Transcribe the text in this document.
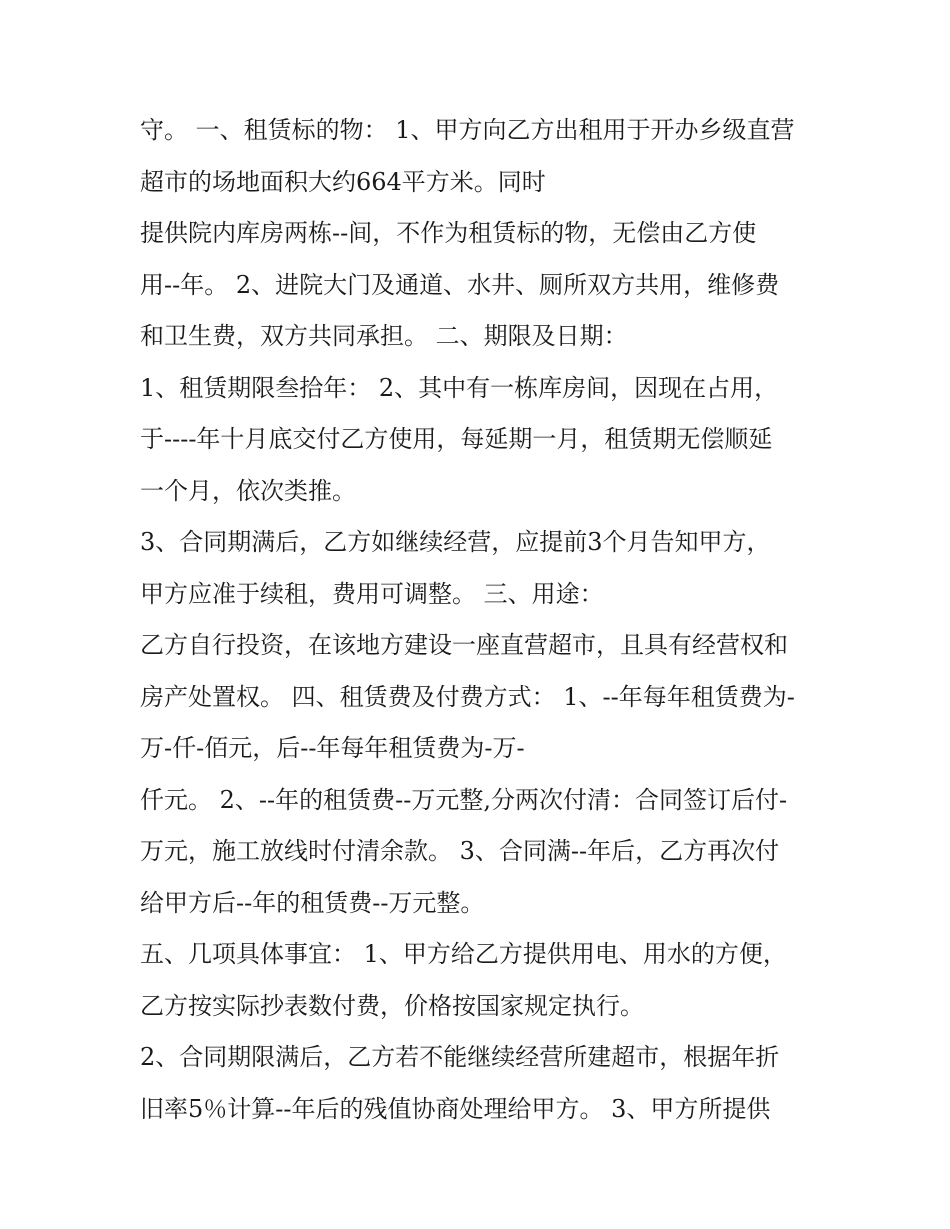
守。 一、租赁标的物： 1、甲方向乙方出租用于开办乡级直营
超市的场地面积大约664平方米。同时
提供院内库房两栋--间，不作为租赁标的物，无偿由乙方使
用--年。 2、进院大门及通道、水井、厕所双方共用，维修费
和卫生费，双方共同承担。 二、期限及日期：
1、租赁期限叁拾年： 2、其中有一栋库房间，因现在占用，
于----年十月底交付乙方使用，每延期一月，租赁期无偿顺延
一个月，依次类推。
3、合同期满后，乙方如继续经营，应提前3个月告知甲方，
甲方应准于续租，费用可调整。 三、用途：
乙方自行投资，在该地方建设一座直营超市，且具有经营权和
房产处置权。 四、租赁费及付费方式： 1、--年每年租赁费为-
万-仟-佰元，后--年每年租赁费为-万-
仟元。 2、--年的租赁费--万元整,分两次付清：合同签订后付-
万元，施工放线时付清余款。 3、合同满--年后，乙方再次付
给甲方后--年的租赁费--万元整。
五、几项具体事宜： 1、甲方给乙方提供用电、用水的方便，
乙方按实际抄表数付费，价格按国家规定执行。
2、合同期限满后，乙方若不能继续经营所建超市，根据年折
旧率5％计算--年后的残值协商处理给甲方。 3、甲方所提供
